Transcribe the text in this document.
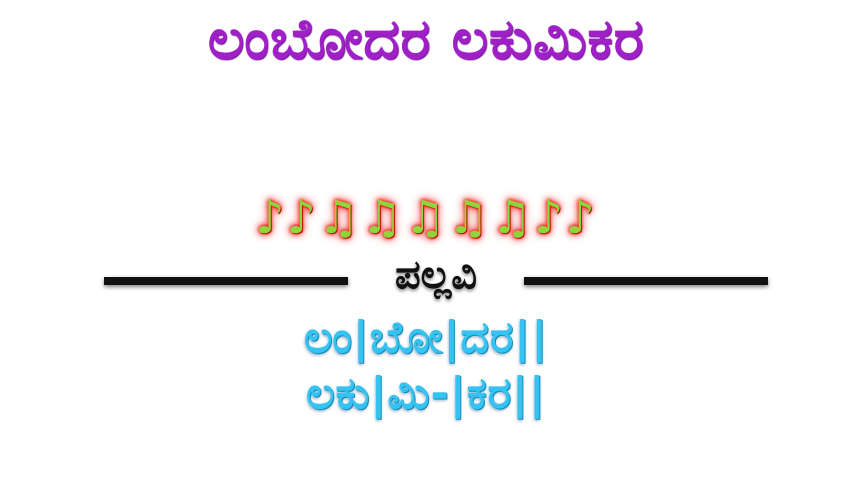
ಲಂಬೋದರ ಲಕುಮಿಕರ
♪♪♫♫♫♫♫♪♪
ಪಲ್ಲವಿ
ಲಂ|ಬೋ|ದರ||
ಲಕು|ಮಿ-|ಕರ||
